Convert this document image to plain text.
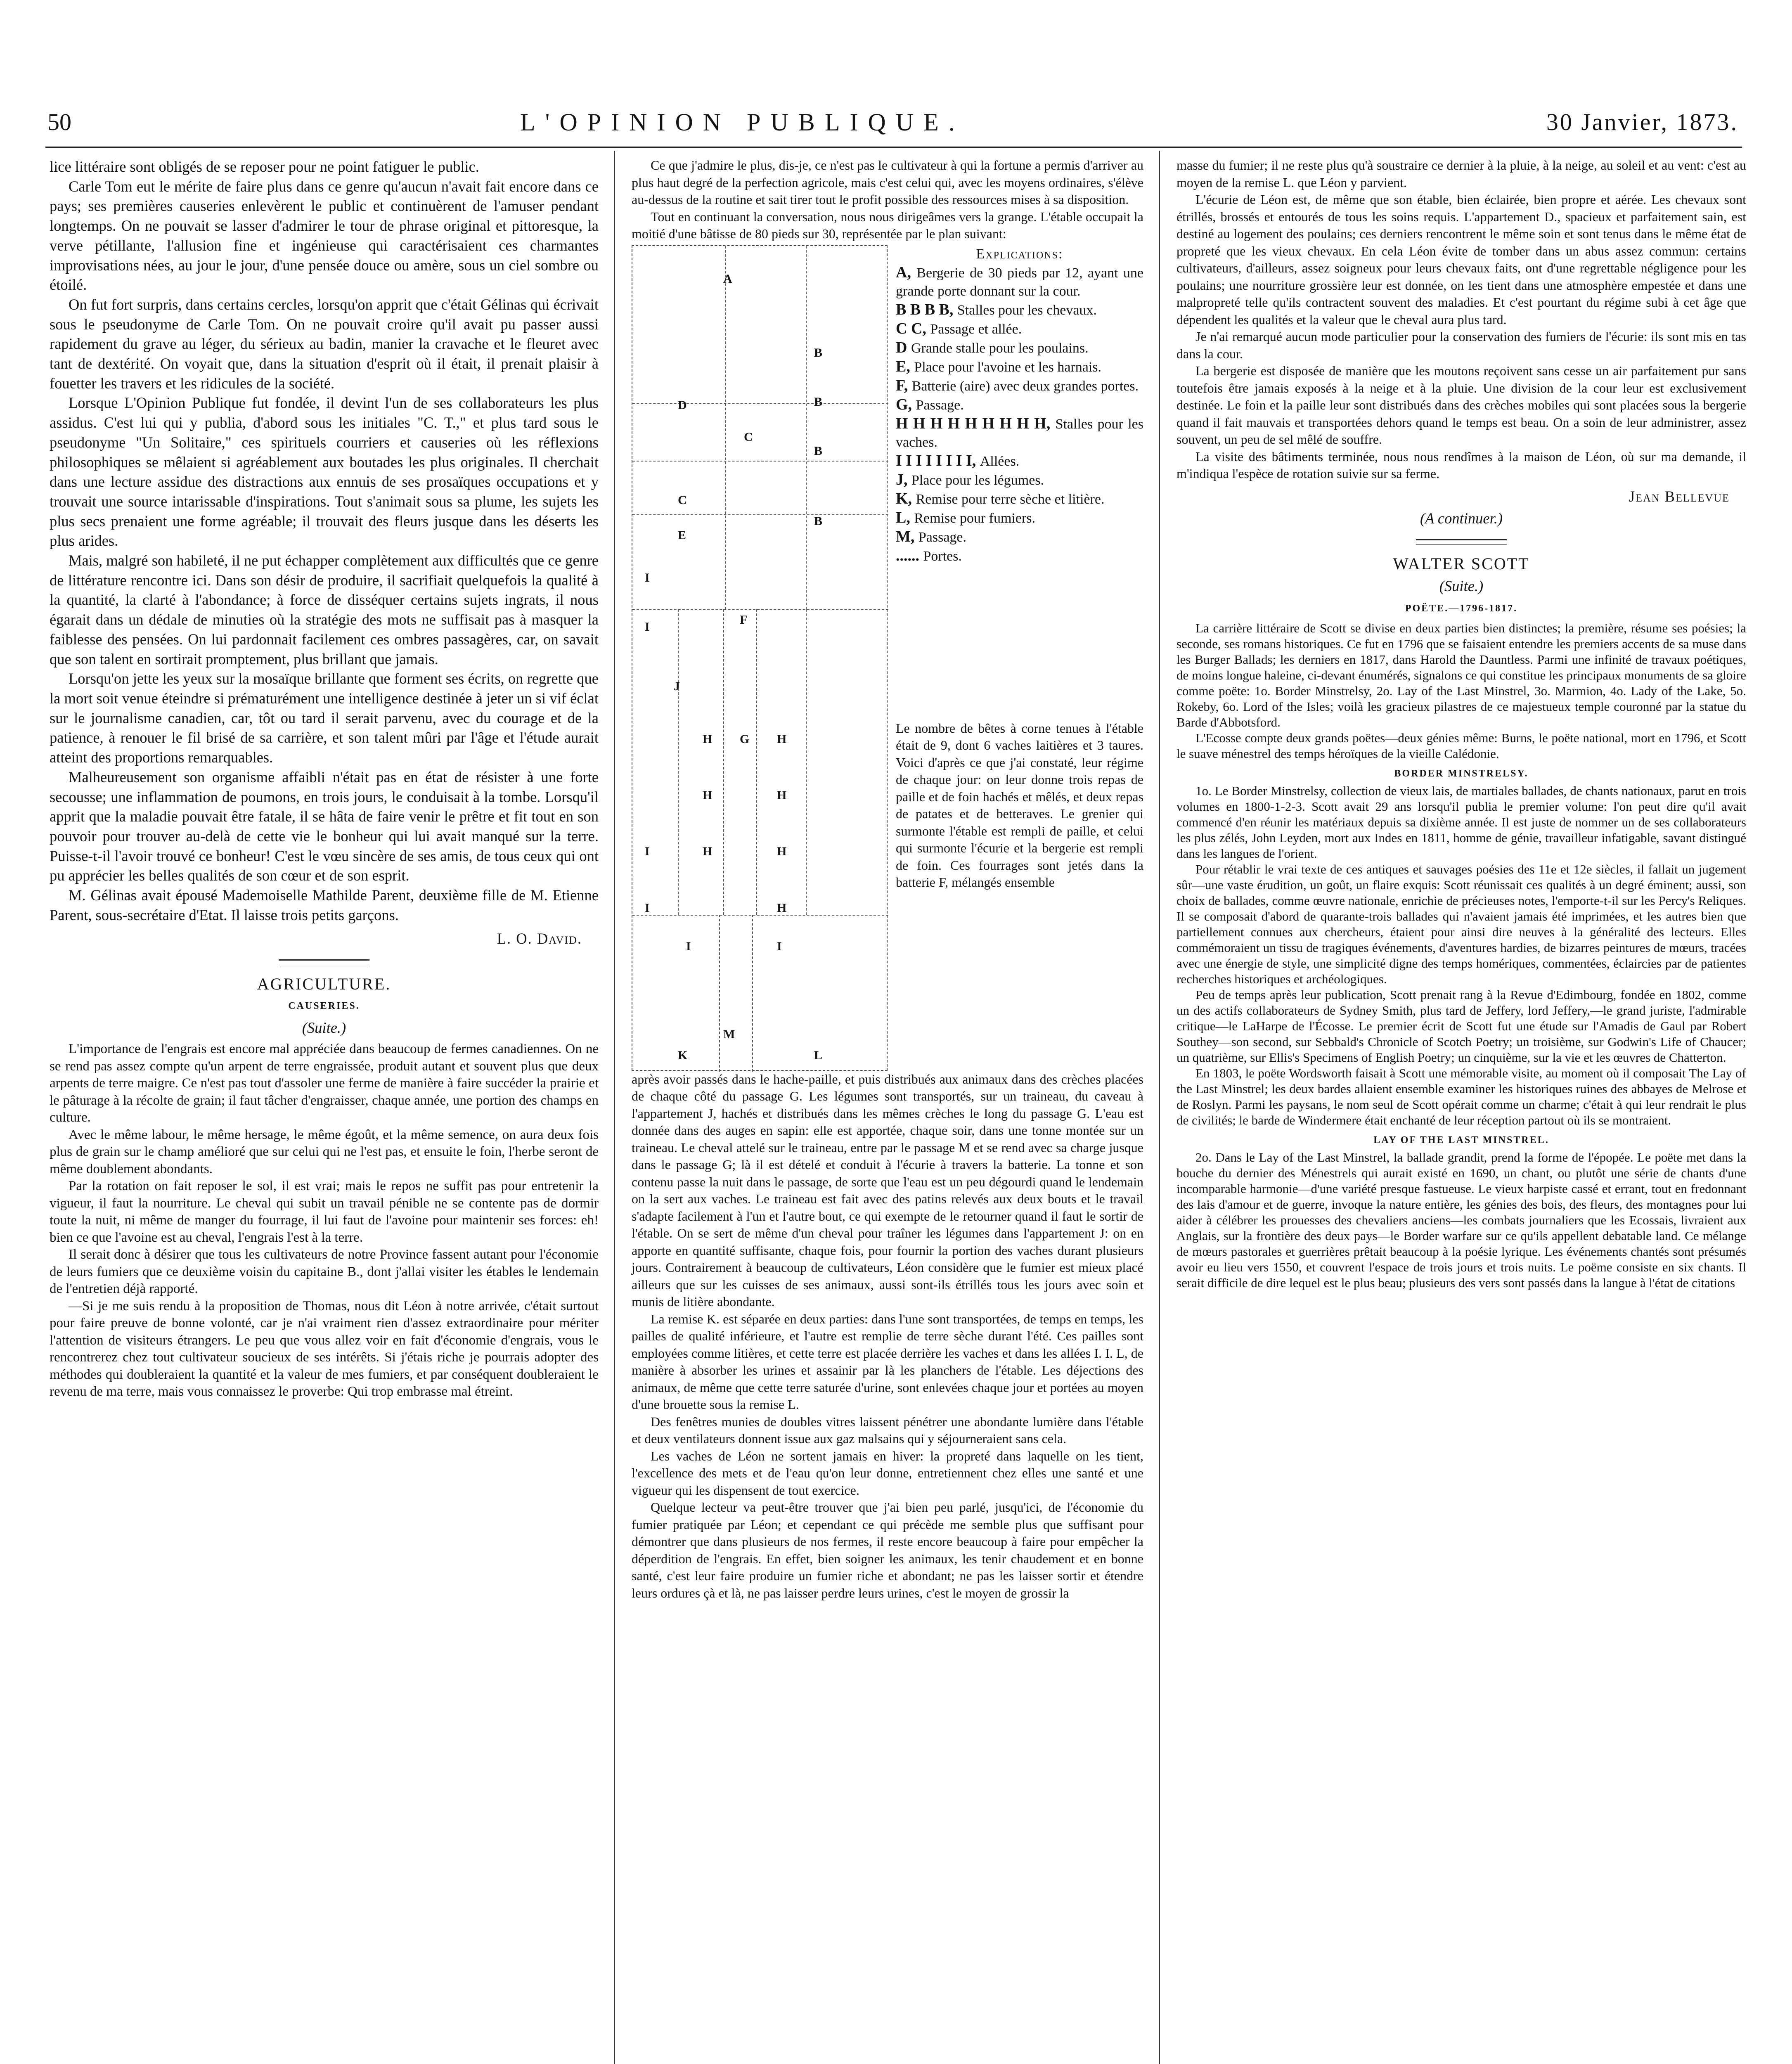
50	L'OPINION PUBLIQUE.	30 Janvier, 1873.

lice littéraire sont obligés de se reposer pour ne point fatiguer le public.

Carle Tom eut le mérite de faire plus dans ce genre qu'aucun n'avait fait encore dans ce pays; ses premières causeries enlevèrent le public et continuèrent de l'amuser pendant longtemps. On ne pouvait se lasser d'admirer le tour de phrase original et pittoresque, la verve pétillante, l'allusion fine et ingénieuse qui caractérisaient ces charmantes improvisations nées, au jour le jour, d'une pensée douce ou amère, sous un ciel sombre ou étoilé.

On fut fort surpris, dans certains cercles, lorsqu'on apprit que c'était Gélinas qui écrivait sous le pseudonyme de Carle Tom. On ne pouvait croire qu'il avait pu passer aussi rapidement du grave au léger, du sérieux au badin, manier la cravache et le fleuret avec tant de dextérité. On voyait que, dans la situation d'esprit où il était, il prenait plaisir à fouetter les travers et les ridicules de la société.

Lorsque L'Opinion Publique fut fondée, il devint l'un de ses collaborateurs les plus assidus. C'est lui qui y publia, d'abord sous les initiales "C. T.," et plus tard sous le pseudonyme "Un Solitaire," ces spirituels courriers et causeries où les réflexions philosophiques se mêlaient si agréablement aux boutades les plus originales. Il cherchait dans une lecture assidue des distractions aux ennuis de ses prosaïques occupations et y trouvait une source intarissable d'inspirations. Tout s'animait sous sa plume, les sujets les plus secs prenaient une forme agréable; il trouvait des fleurs jusque dans les déserts les plus arides.

Mais, malgré son habileté, il ne put échapper complètement aux difficultés que ce genre de littérature rencontre ici. Dans son désir de produire, il sacrifiait quelquefois la qualité à la quantité, la clarté à l'abondance; à force de disséquer certains sujets ingrats, il nous égarait dans un dédale de minuties où la stratégie des mots ne suffisait pas à masquer la faiblesse des pensées. On lui pardonnait facilement ces ombres passagères, car, on savait que son talent en sortirait promptement, plus brillant que jamais.

Lorsqu'on jette les yeux sur la mosaïque brillante que forment ses écrits, on regrette que la mort soit venue éteindre si prématurément une intelligence destinée à jeter un si vif éclat sur le journalisme canadien, car, tôt ou tard il serait parvenu, avec du courage et de la patience, à renouer le fil brisé de sa carrière, et son talent mûri par l'âge et l'étude aurait atteint des proportions remarquables.

Malheureusement son organisme affaibli n'était pas en état de résister à une forte secousse; une inflammation de poumons, en trois jours, le conduisait à la tombe. Lorsqu'il apprit que la maladie pouvait être fatale, il se hâta de faire venir le prêtre et fit tout en son pouvoir pour trouver au-delà de cette vie le bonheur qui lui avait manqué sur la terre. Puisse-t-il l'avoir trouvé ce bonheur! C'est le vœu sincère de ses amis, de tous ceux qui ont pu apprécier les belles qualités de son cœur et de son esprit.

M. Gélinas avait épousé Mademoiselle Mathilde Parent, deuxième fille de M. Etienne Parent, sous-secrétaire d'Etat. Il laisse trois petits garçons.

L. O. David.
AGRICULTURE.
CAUSERIES.
(Suite.)

L'importance de l'engrais est encore mal appréciée dans beaucoup de fermes canadiennes. On ne se rend pas assez compte qu'un arpent de terre engraissée, produit autant et souvent plus que deux arpents de terre maigre. Ce n'est pas tout d'assoler une ferme de manière à faire succéder la prairie et le pâturage à la récolte de grain; il faut tâcher d'engraisser, chaque année, une portion des champs en culture.

Avec le même labour, le même hersage, le même égoût, et la même semence, on aura deux fois plus de grain sur le champ amélioré que sur celui qui ne l'est pas, et ensuite le foin, l'herbe seront de même doublement abondants.

Par la rotation on fait reposer le sol, il est vrai; mais le repos ne suffit pas pour entretenir la vigueur, il faut la nourriture. Le cheval qui subit un travail pénible ne se contente pas de dormir toute la nuit, ni même de manger du fourrage, il lui faut de l'avoine pour maintenir ses forces: eh! bien ce que l'avoine est au cheval, l'engrais l'est à la terre.

Il serait donc à désirer que tous les cultivateurs de notre Province fassent autant pour l'économie de leurs fumiers que ce deuxième voisin du capitaine B., dont j'allai visiter les étables le lendemain de l'entretien déjà rapporté.

—Si je me suis rendu à la proposition de Thomas, nous dit Léon à notre arrivée, c'était surtout pour faire preuve de bonne volonté, car je n'ai vraiment rien d'assez extraordinaire pour mériter l'attention de visiteurs étrangers. Le peu que vous allez voir en fait d'économie d'engrais, vous le rencontrerez chez tout cultivateur soucieux de ses intérêts. Si j'étais riche je pourrais adopter des méthodes qui doubleraient la quantité et la valeur de mes fumiers, et par conséquent doubleraient le revenu de ma terre, mais vous connaissez le proverbe: Qui trop embrasse mal étreint.

Ce que j'admire le plus, dis-je, ce n'est pas le cultivateur à qui la fortune a permis d'arriver au plus haut degré de la perfection agricole, mais c'est celui qui, avec les moyens ordinaires, s'élève au-dessus de la routine et sait tirer tout le profit possible des ressources mises à sa disposition.

Tout en continuant la conversation, nous nous dirigeâmes vers la grange. L'étable occupait la moitié d'une bâtisse de 80 pieds sur 30, représentée par le plan suivant:

A
B
B
B
B
D
C
C
E
F
I
I
J
H G H
H
H
I
H
H
I	H
I	I
K
M
L
Explications:
A, Bergerie de 30 pieds par 12, ayant une grande porte donnant sur la cour.
B B B B, Stalles pour les chevaux.
C C, Passage et allée.
D Grande stalle pour les poulains.
E, Place pour l'avoine et les harnais.
F, Batterie (aire) avec deux grandes portes.
G, Passage.
H H H H H H H H H, Stalles pour les vaches.
I I I I I I I I, Allées.
J, Place pour les légumes.
K, Remise pour terre sèche et litière.
L, Remise pour fumiers.
M, Passage.
...... Portes.
Le nombre de bêtes à corne tenues à l'étable était de 9, dont 6 vaches laitières et 3 taures. Voici d'après ce que j'ai constaté, leur régime de chaque jour: on leur donne trois repas de paille et de foin hachés et mêlés, et deux repas de patates et de betteraves. Le grenier qui surmonte l'étable est rempli de paille, et celui qui surmonte l'écurie et la bergerie est rempli de foin. Ces fourrages sont jetés dans la batterie F, mélangés ensemble

après avoir passés dans le hache-paille, et puis distribués aux animaux dans des crèches placées de chaque côté du passage G. Les légumes sont transportés, sur un traineau, du caveau à l'appartement J, hachés et distribués dans les mêmes crèches le long du passage G. L'eau est donnée dans des auges en sapin: elle est apportée, chaque soir, dans une tonne montée sur un traineau. Le cheval attelé sur le traineau, entre par le passage M et se rend avec sa charge jusque dans le passage G; là il est dételé et conduit à l'écurie à travers la batterie. La tonne et son contenu passe la nuit dans le passage, de sorte que l'eau est un peu dégourdi quand le lendemain on la sert aux vaches. Le traineau est fait avec des patins relevés aux deux bouts et le travail s'adapte facilement à l'un et l'autre bout, ce qui exempte de le retourner quand il faut le sortir de l'étable. On se sert de même d'un cheval pour traîner les légumes dans l'appartement J: on en apporte en quantité suffisante, chaque fois, pour fournir la portion des vaches durant plusieurs jours. Contrairement à beaucoup de cultivateurs, Léon considère que le fumier est mieux placé ailleurs que sur les cuisses de ses animaux, aussi sont-ils étrillés tous les jours avec soin et munis de litière abondante.

La remise K. est séparée en deux parties: dans l'une sont transportées, de temps en temps, les pailles de qualité inférieure, et l'autre est remplie de terre sèche durant l'été. Ces pailles sont employées comme litières, et cette terre est placée derrière les vaches et dans les allées I. I. L, de manière à absorber les urines et assainir par là les planchers de l'étable. Les déjections des animaux, de même que cette terre saturée d'urine, sont enlevées chaque jour et portées au moyen d'une brouette sous la remise L.

Des fenêtres munies de doubles vitres laissent pénétrer une abondante lumière dans l'étable et deux ventilateurs donnent issue aux gaz malsains qui y séjourneraient sans cela.

Les vaches de Léon ne sortent jamais en hiver: la propreté dans laquelle on les tient, l'excellence des mets et de l'eau qu'on leur donne, entretiennent chez elles une santé et une vigueur qui les dispensent de tout exercice.

Quelque lecteur va peut-être trouver que j'ai bien peu parlé, jusqu'ici, de l'économie du fumier pratiquée par Léon; et cependant ce qui précède me semble plus que suffisant pour démontrer que dans plusieurs de nos fermes, il reste encore beaucoup à faire pour empêcher la déperdition de l'engrais. En effet, bien soigner les animaux, les tenir chaudement et en bonne santé, c'est leur faire produire un fumier riche et abondant; ne pas les laisser sortir et étendre leurs ordures çà et là, ne pas laisser perdre leurs urines, c'est le moyen de grossir la

masse du fumier; il ne reste plus qu'à soustraire ce dernier à la pluie, à la neige, au soleil et au vent: c'est au moyen de la remise L. que Léon y parvient.

L'écurie de Léon est, de même que son étable, bien éclairée, bien propre et aérée. Les chevaux sont étrillés, brossés et entourés de tous les soins requis. L'appartement D., spacieux et parfaitement sain, est destiné au logement des poulains; ces derniers rencontrent le même soin et sont tenus dans le même état de propreté que les vieux chevaux. En cela Léon évite de tomber dans un abus assez commun: certains cultivateurs, d'ailleurs, assez soigneux pour leurs chevaux faits, ont d'une regrettable négligence pour les poulains; une nourriture grossière leur est donnée, on les tient dans une atmosphère empestée et dans une malpropreté telle qu'ils contractent souvent des maladies. Et c'est pourtant du régime subi à cet âge que dépendent les qualités et la valeur que le cheval aura plus tard.

Je n'ai remarqué aucun mode particulier pour la conservation des fumiers de l'écurie: ils sont mis en tas dans la cour.

La bergerie est disposée de manière que les moutons reçoivent sans cesse un air parfaitement pur sans toutefois être jamais exposés à la neige et à la pluie. Une division de la cour leur est exclusivement destinée. Le foin et la paille leur sont distribués dans des crèches mobiles qui sont placées sous la bergerie quand il fait mauvais et transportées dehors quand le temps est beau. On a soin de leur administrer, assez souvent, un peu de sel mêlé de souffre.

La visite des bâtiments terminée, nous nous rendîmes à la maison de Léon, où sur ma demande, il m'indiqua l'espèce de rotation suivie sur sa ferme.

Jean Bellevue
(A continuer.)
WALTER SCOTT
(Suite.)
POËTE.—1796-1817.

La carrière littéraire de Scott se divise en deux parties bien distinctes; la première, résume ses poésies; la seconde, ses romans historiques. Ce fut en 1796 que se faisaient entendre les premiers accents de sa muse dans les Burger Ballads; les derniers en 1817, dans Harold the Dauntless. Parmi une infinité de travaux poétiques, de moins longue haleine, ci-devant énumérés, signalons ce qui constitue les principaux monuments de sa gloire comme poëte: 1o. Border Minstrelsy, 2o. Lay of the Last Minstrel, 3o. Marmion, 4o. Lady of the Lake, 5o. Rokeby, 6o. Lord of the Isles; voilà les gracieux pilastres de ce majestueux temple couronné par la statue du Barde d'Abbotsford.

L'Ecosse compte deux grands poëtes—deux génies même: Burns, le poëte national, mort en 1796, et Scott le suave ménestrel des temps héroïques de la vieille Calédonie.

BORDER MINSTRELSY.

1o. Le Border Minstrelsy, collection de vieux lais, de martiales ballades, de chants nationaux, parut en trois volumes en 1800-1-2-3. Scott avait 29 ans lorsqu'il publia le premier volume: l'on peut dire qu'il avait commencé d'en réunir les matériaux depuis sa dixième année. Il est juste de nommer un de ses collaborateurs les plus zélés, John Leyden, mort aux Indes en 1811, homme de génie, travailleur infatigable, savant distingué dans les langues de l'orient.

Pour rétablir le vrai texte de ces antiques et sauvages poésies des 11e et 12e siècles, il fallait un jugement sûr—une vaste érudition, un goût, un flaire exquis: Scott réunissait ces qualités à un degré éminent; aussi, son choix de ballades, comme œuvre nationale, enrichie de précieuses notes, l'emporte-t-il sur les Percy's Reliques. Il se composait d'abord de quarante-trois ballades qui n'avaient jamais été imprimées, et les autres bien que partiellement connues aux chercheurs, étaient pour ainsi dire neuves à la généralité des lecteurs. Elles commémoraient un tissu de tragiques événements, d'aventures hardies, de bizarres peintures de mœurs, tracées avec une énergie de style, une simplicité digne des temps homériques, commentées, éclaircies par de patientes recherches historiques et archéologiques.

Peu de temps après leur publication, Scott prenait rang à la Revue d'Edimbourg, fondée en 1802, comme un des actifs collaborateurs de Sydney Smith, plus tard de Jeffery, lord Jeffery,—le grand juriste, l'admirable critique—le LaHarpe de l'Écosse. Le premier écrit de Scott fut une étude sur l'Amadis de Gaul par Robert Southey—son second, sur Sebbald's Chronicle of Scotch Poetry; un troisième, sur Godwin's Life of Chaucer; un quatrième, sur Ellis's Specimens of English Poetry; un cinquième, sur la vie et les œuvres de Chatterton.

En 1803, le poëte Wordsworth faisait à Scott une mémorable visite, au moment où il composait The Lay of the Last Minstrel; les deux bardes allaient ensemble examiner les historiques ruines des abbayes de Melrose et de Roslyn. Parmi les paysans, le nom seul de Scott opérait comme un charme; c'était à qui leur rendrait le plus de civilités; le barde de Windermere était enchanté de leur réception partout où ils se montraient.

LAY OF THE LAST MINSTREL.

2o. Dans le Lay of the Last Minstrel, la ballade grandit, prend la forme de l'épopée. Le poëte met dans la bouche du dernier des Ménestrels qui aurait existé en 1690, un chant, ou plutôt une série de chants d'une incomparable harmonie—d'une variété presque fastueuse. Le vieux harpiste cassé et errant, tout en fredonnant des lais d'amour et de guerre, invoque la nature entière, les génies des bois, des fleurs, des montagnes pour lui aider à célébrer les prouesses des chevaliers anciens—les combats journaliers que les Ecossais, livraient aux Anglais, sur la frontière des deux pays—le Border warfare sur ce qu'ils appellent debatable land. Ce mélange de mœurs pastorales et guerrières prêtait beaucoup à la poésie lyrique. Les événements chantés sont présumés avoir eu lieu vers 1550, et couvrent l'espace de trois jours et trois nuits. Le poëme consiste en six chants. Il serait difficile de dire lequel est le plus beau; plusieurs des vers sont passés dans la langue à l'état de citations
